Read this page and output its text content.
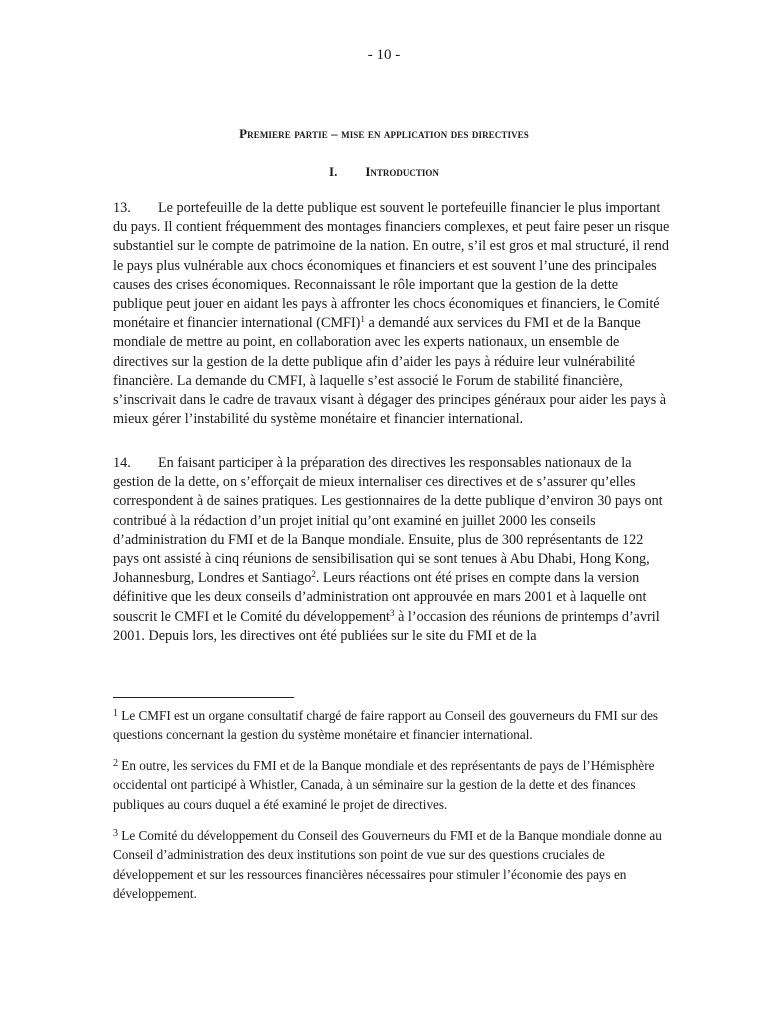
- 10 -
Premiere partie – mise en application des directives
I. Introduction

13. Le portefeuille de la dette publique est souvent le portefeuille financier le plus important du pays. Il contient fréquemment des montages financiers complexes, et peut faire peser un risque substantiel sur le compte de patrimoine de la nation. En outre, s’il est gros et mal structuré, il rend le pays plus vulnérable aux chocs économiques et financiers et est souvent l’une des principales causes des crises économiques. Reconnaissant le rôle important que la gestion de la dette publique peut jouer en aidant les pays à affronter les chocs économiques et financiers, le Comité monétaire et financier international (CMFI)$^1$ a demandé aux services du FMI et de la Banque mondiale de mettre au point, en collaboration avec les experts nationaux, un ensemble de directives sur la gestion de la dette publique afin d’aider les pays à réduire leur vulnérabilité financière. La demande du CMFI, à laquelle s’est associé le Forum de stabilité financière, s’inscrivait dans le cadre de travaux visant à dégager des principes généraux pour aider les pays à mieux gérer l’instabilité du système monétaire et financier international.

14. En faisant participer à la préparation des directives les responsables nationaux de la gestion de la dette, on s’efforçait de mieux internaliser ces directives et de s’assurer qu’elles correspondent à de saines pratiques. Les gestionnaires de la dette publique d’environ 30 pays ont contribué à la rédaction d’un projet initial qu’ont examiné en juillet 2000 les conseils d’administration du FMI et de la Banque mondiale. Ensuite, plus de 300 représentants de 122 pays ont assisté à cinq réunions de sensibilisation qui se sont tenues à Abu Dhabi, Hong Kong, Johannesburg, Londres et Santiago$^2$. Leurs réactions ont été prises en compte dans la version définitive que les deux conseils d’administration ont approuvée en mars 2001 et à laquelle ont souscrit le CMFI et le Comité du développement$^3$ à l’occasion des réunions de printemps d’avril 2001. Depuis lors, les directives ont été publiées sur le site du FMI et de la

$^1$ Le CMFI est un organe consultatif chargé de faire rapport au Conseil des gouverneurs du FMI sur des questions concernant la gestion du système monétaire et financier international.

$^2$ En outre, les services du FMI et de la Banque mondiale et des représentants de pays de l’Hémisphère occidental ont participé à Whistler, Canada, à un séminaire sur la gestion de la dette et des finances publiques au cours duquel a été examiné le projet de directives.

$^3$ Le Comité du développement du Conseil des Gouverneurs du FMI et de la Banque mondiale donne au Conseil d’administration des deux institutions son point de vue sur des questions cruciales de développement et sur les ressources financières nécessaires pour stimuler l’économie des pays en développement.
